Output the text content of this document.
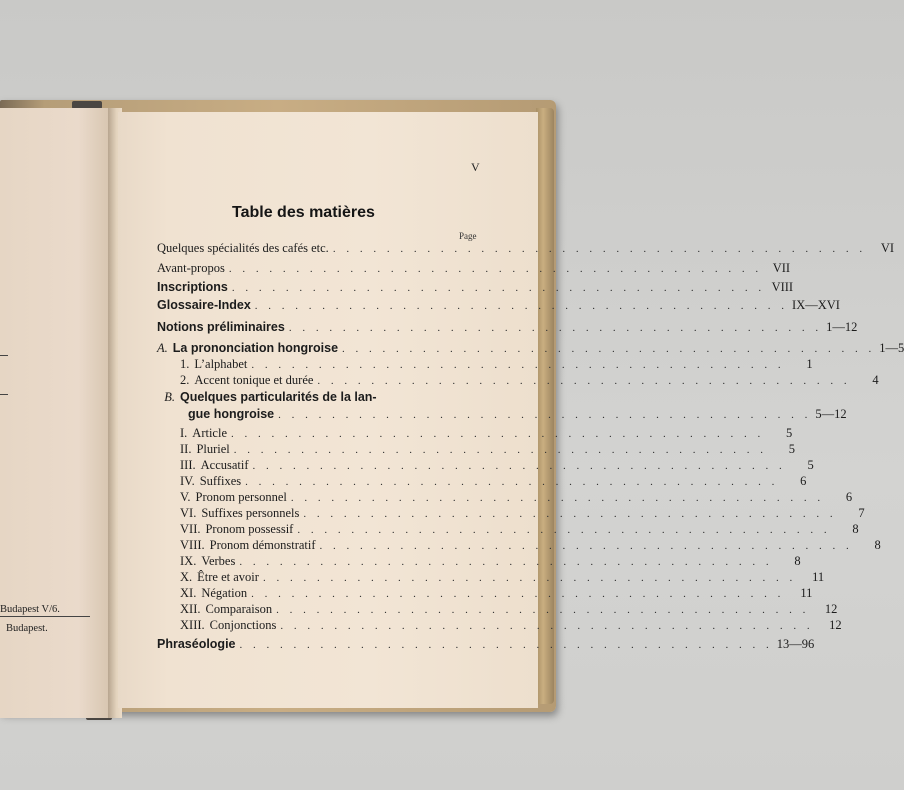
Budapest V/6.
Budapest.
V
Table des matières
Page
Quelques spécialités des cafés etc. . . . . . . . . . . . . . . . . . . . . . . . . . . . . . . . . . . . . . . . .	VI
Avant-propos . . . . . . . . . . . . . . . . . . . . . . . . . . . . . . . . . . . . . . . . VII
Inscriptions . . . . . . . . . . . . . . . . . . . . . . . . . . . . . . . . . . . . . . . . VIII
Glossaire-Index . . . . . . . . . . . . . . . . . . . . . . . . . . . . . . . . . . . . . . . . IX—XVI
Notions préliminaires . . . . . . . . . . . . . . . . . . . . . . . . . . . . . . . . . . . . . . . . 1—12
A. La prononciation hongroise . . . . . . . . . . . . . . . . . . . . . . . . . . . . . . . . . . . . . . . . 1—5
1. L’alphabet . . . . . . . . . . . . . . . . . . . . . . . . . . . . . . . . . . . . . . . .	1
2. Accent tonique et durée . . . . . . . . . . . . . . . . . . . . . . . . . . . . . . . . . . . . . . . .	4
B. Quelques particularités de la lan-
gue hongroise . . . . . . . . . . . . . . . . . . . . . . . . . . . . . . . . . . . . . . . . 5—12
I. Article . . . . . . . . . . . . . . . . . . . . . . . . . . . . . . . . . . . . . . . .	5
II. Pluriel . . . . . . . . . . . . . . . . . . . . . . . . . . . . . . . . . . . . . . . .	5
III. Accusatif . . . . . . . . . . . . . . . . . . . . . . . . . . . . . . . . . . . . . . . .	5
IV. Suffixes . . . . . . . . . . . . . . . . . . . . . . . . . . . . . . . . . . . . . . . .	6
V. Pronom personnel . . . . . . . . . . . . . . . . . . . . . . . . . . . . . . . . . . . . . . . .	6
VI. Suffixes personnels . . . . . . . . . . . . . . . . . . . . . . . . . . . . . . . . . . . . . . . .	7
VII. Pronom possessif . . . . . . . . . . . . . . . . . . . . . . . . . . . . . . . . . . . . . . . .	8
VIII. Pronom démonstratif . . . . . . . . . . . . . . . . . . . . . . . . . . . . . . . . . . . . . . . .	8
IX. Verbes . . . . . . . . . . . . . . . . . . . . . . . . . . . . . . . . . . . . . . . .	8
X. Être et avoir . . . . . . . . . . . . . . . . . . . . . . . . . . . . . . . . . . . . . . . .	11
XI. Négation . . . . . . . . . . . . . . . . . . . . . . . . . . . . . . . . . . . . . . . .	11
XII. Comparaison . . . . . . . . . . . . . . . . . . . . . . . . . . . . . . . . . . . . . . . .	12
XIII. Conjonctions . . . . . . . . . . . . . . . . . . . . . . . . . . . . . . . . . . . . . . . .	12
Phraséologie . . . . . . . . . . . . . . . . . . . . . . . . . . . . . . . . . . . . . . . . 13—96
